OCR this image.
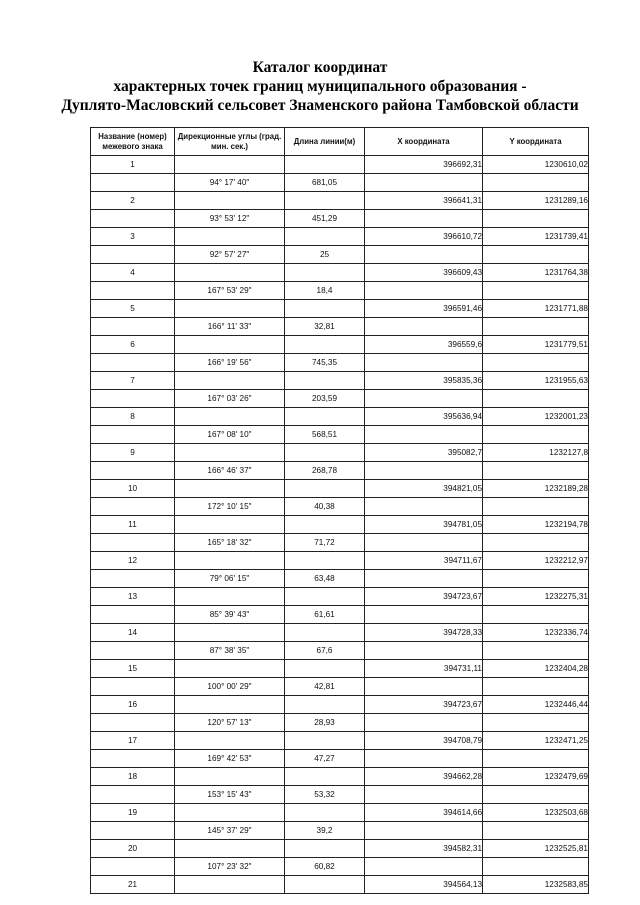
Каталог координат
характерных точек границ муниципального образования -
Дуплято-Масловский сельсовет Знаменского района Тамбовской области
Название (номер) межевого знака	Дирекционные углы (град. мин. сек.)	Длина линии(м)	Х координата	Y координата
1			396692,31	1230610,02
	94° 17' 40"	681,05		
2			396641,31	1231289,16
	93° 53' 12"	451,29		
3			396610,72	1231739,41
	92° 57' 27"	25		
4			396609,43	1231764,38
	167° 53' 29"	18,4		
5			396591,46	1231771,88
	166° 11' 33"	32,81		
6			396559,6	1231779,51
	166° 19' 56"	745,35		
7			395835,36	1231955,63
	167° 03' 26"	203,59		
8			395636,94	1232001,23
	167° 08' 10"	568,51		
9			395082,7	1232127,8
	166° 46' 37"	268,78		
10			394821,05	1232189,28
	172° 10' 15"	40,38		
11			394781,05	1232194,78
	165° 18' 32"	71,72		
12			394711,67	1232212,97
	79° 06' 15"	63,48		
13			394723,67	1232275,31
	85° 39' 43"	61,61		
14			394728,33	1232336,74
	87° 38' 35"	67,6		
15			394731,11	1232404,28
	100° 00' 29"	42,81		
16			394723,67	1232446,44
	120° 57' 13"	28,93		
17			394708,79	1232471,25
	169° 42' 53"	47,27		
18			394662,28	1232479,69
	153° 15' 43"	53,32		
19			394614,66	1232503,68
	145° 37' 29"	39,2		
20			394582,31	1232525,81
	107° 23' 32"	60,82		
21			394564,13	1232583,85
